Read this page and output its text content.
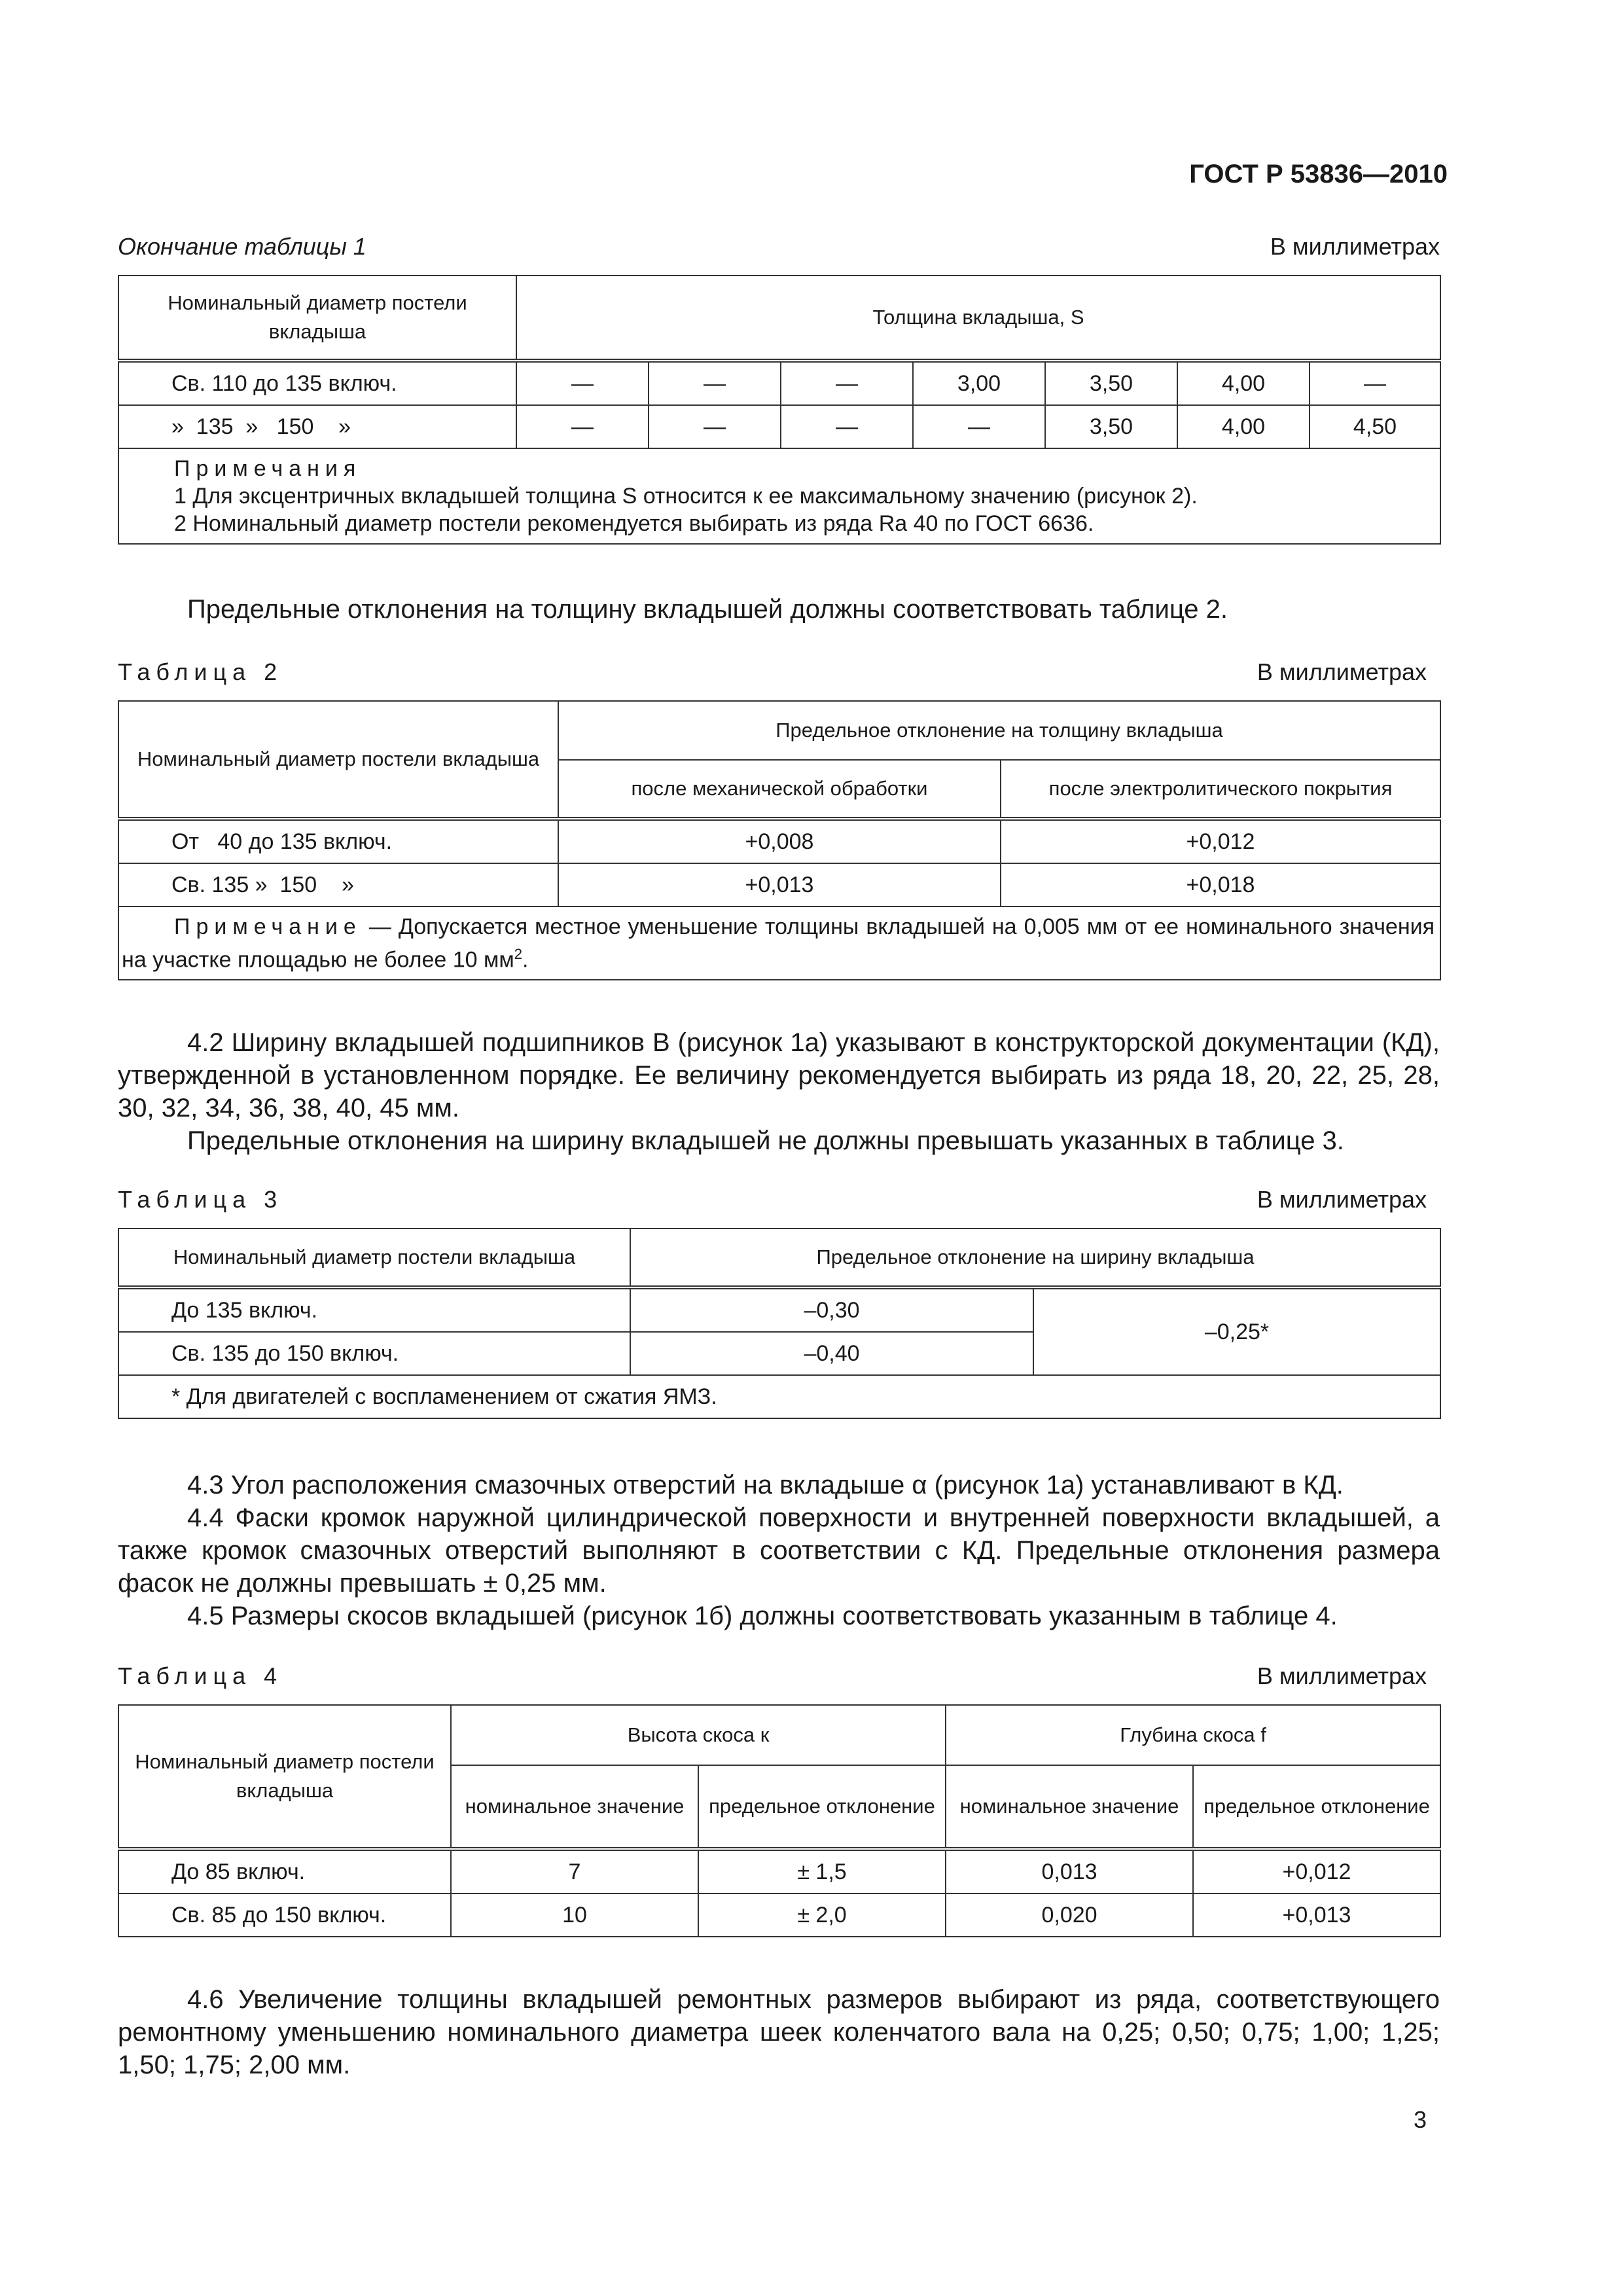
ГОСТ Р 53836—2010
Окончание таблицы 1	В миллиметрах
Номинальный диаметр постели вкладыша	Толщина вкладыша, S						
Св. 110 до 135 включ.	—	—	—	3,00	3,50	4,00	—
»  135  »   150    »	—	—	—	—	3,50	4,00	4,50

Примечания
1 Для эксцентричных вкладышей толщина S относится к ее максимальному значению (рисунок 2).
2 Номинальный диаметр постели рекомендуется выбирать из ряда Ra 40 по ГОСТ 6636.							
Предельные отклонения на толщину вкладышей должны соответствовать таблице 2.
Таблица 2	В миллиметрах
Номинальный диаметр постели вкладыша	Предельное отклонение на толщину вкладыша	
	после механической обработки	после электролитического покрытия
От   40 до 135 включ.	+0,008	+0,012
Св. 135 »  150    »	+0,013	+0,018
Примечание — Допускается местное уменьшение толщины вкладышей на 0,005 мм от ее номинального значения на участке площадью не более 10 $мм^2$.		
4.2 Ширину вкладышей подшипников B (рисунок 1а) указывают в конструкторской документации (КД), утвержденной в установленном порядке. Ее величину рекомендуется выбирать из ряда 18, 20, 22, 25, 28, 30, 32, 34, 36, 38, 40, 45 мм.
Предельные отклонения на ширину вкладышей не должны превышать указанных в таблице 3.
Таблица 3	В миллиметрах
Номинальный диаметр постели вкладыша	Предельное отклонение на ширину вкладыша	
До 135 включ.	–0,30	–0,25*
Св. 135 до 150 включ.	–0,40	
* Для двигателей с воспламенением от сжатия ЯМЗ.		
4.3 Угол расположения смазочных отверстий на вкладыше α (рисунок 1а) устанавливают в КД.
4.4 Фаски кромок наружной цилиндрической поверхности и внутренней поверхности вкладышей, а также кромок смазочных отверстий выполняют в соответствии с КД. Предельные отклонения размера фасок не должны превышать ± 0,25 мм.
4.5 Размеры скосов вкладышей (рисунок 1б) должны соответствовать указанным в таблице 4.
Таблица 4	В миллиметрах
Номинальный диаметр постели вкладыша	Высота скоса к		Глубина скоса f	
	номинальное значение	предельное отклонение	номинальное значение	предельное отклонение
До 85 включ.	7	± 1,5	0,013	+0,012
Св. 85 до 150 включ.	10	± 2,0	0,020	+0,013
4.6 Увеличение толщины вкладышей ремонтных размеров выбирают из ряда, соответствующего ремонтному уменьшению номинального диаметра шеек коленчатого вала на 0,25; 0,50; 0,75; 1,00; 1,25; 1,50; 1,75; 2,00 мм.
3
